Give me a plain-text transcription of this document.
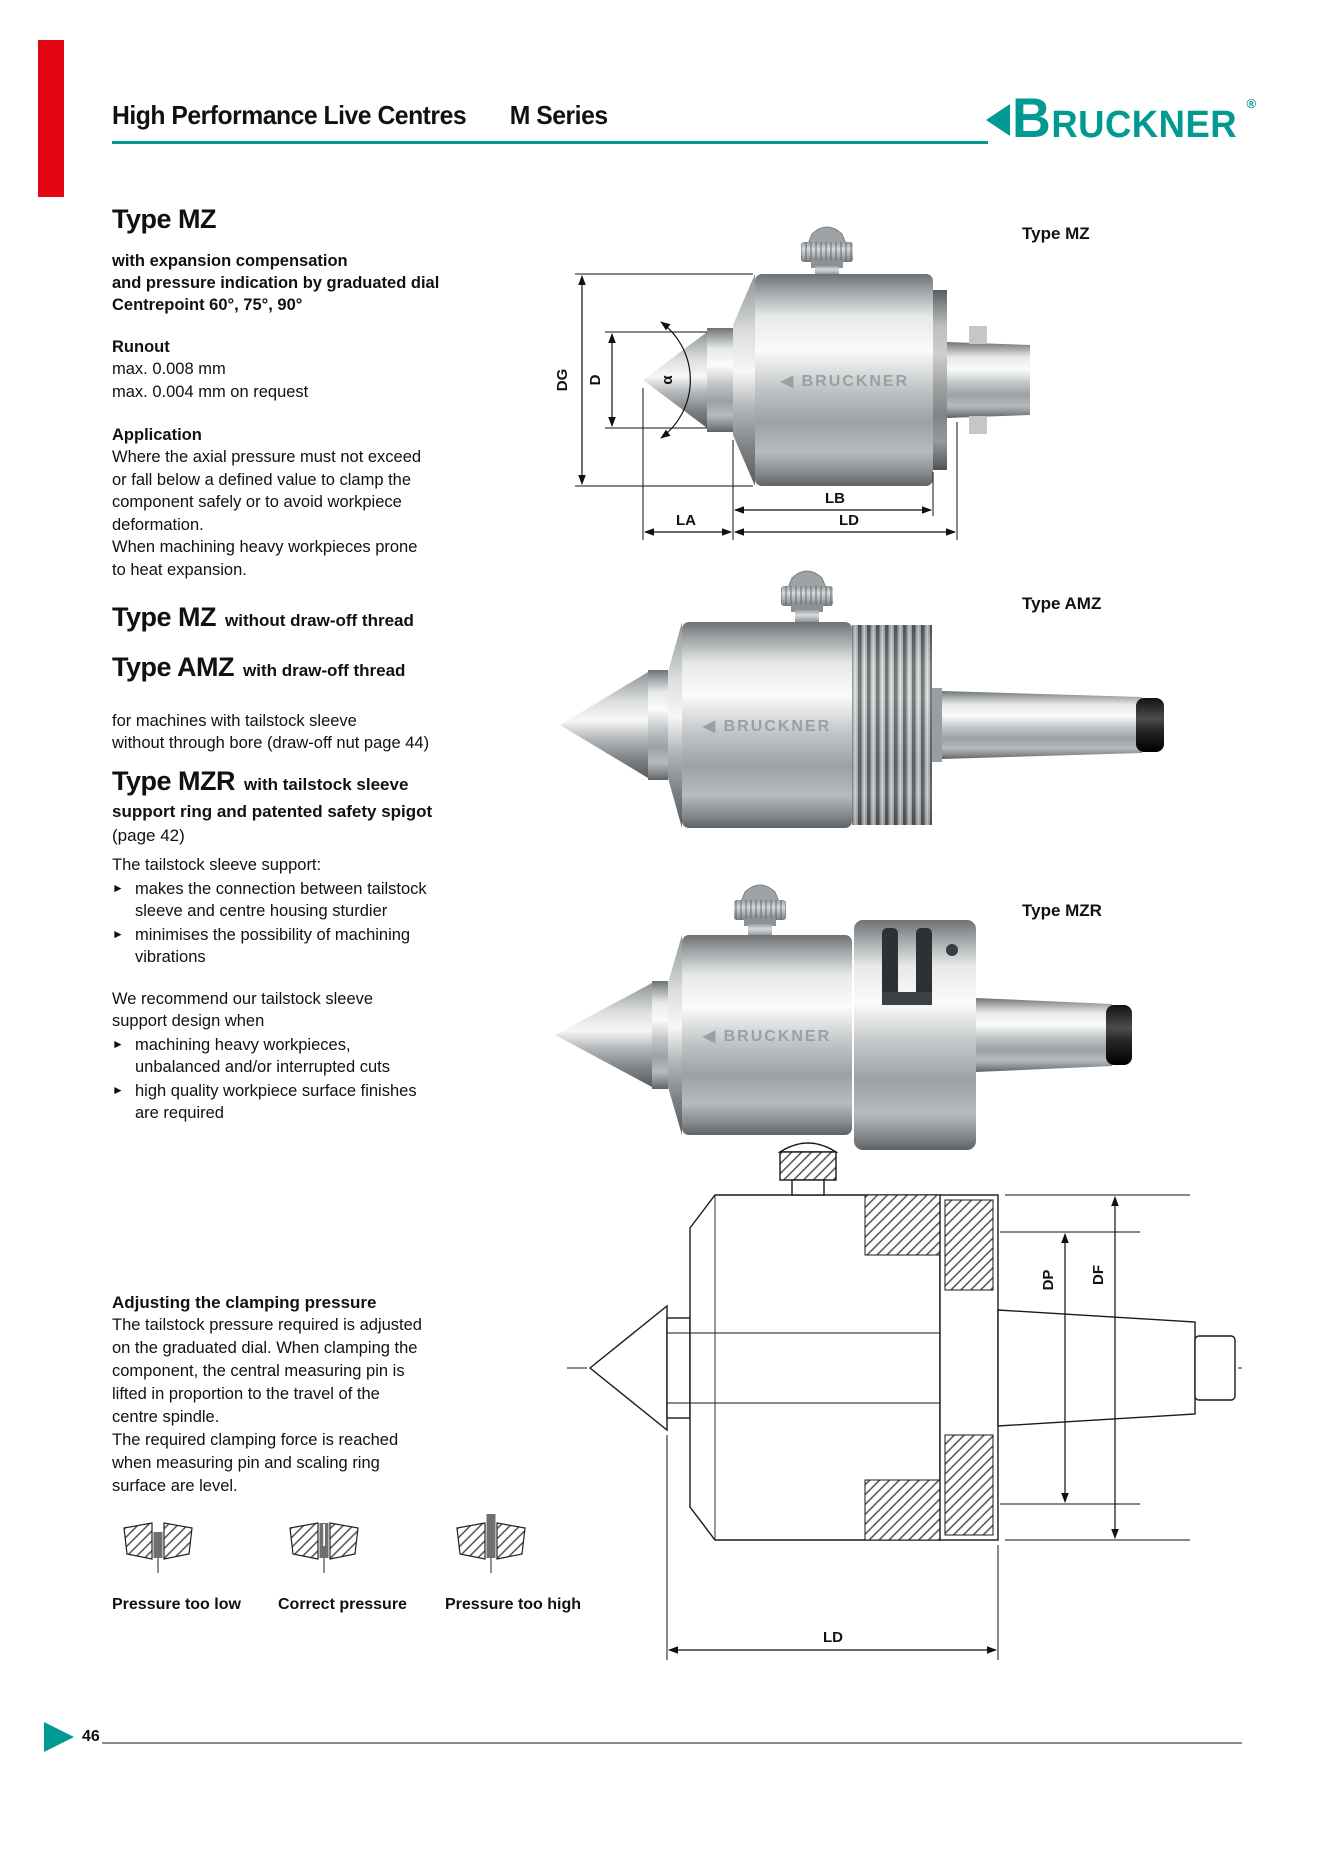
High Performance Live Centres M Series	BRUCKNER
®
Type MZ
with expansion compensation
and pressure indication by graduated dial
Centrepoint 60°, 75°, 90°
Runout
max. 0.008 mm
max. 0.004 mm on request
Application
Where the axial pressure must not exceed
or fall below a defined value to clamp the
component safely or to avoid workpiece
deformation.
When machining heavy workpieces prone
to heat expansion.
Type MZ without draw-off thread
Type AMZ with draw-off thread
for machines with tailstock sleeve
without through bore (draw-off nut page 44)
Type MZR with tailstock sleeve
support ring and patented safety spigot
(page 42)
The tailstock sleeve support:
► makes the connection between tailstock
sleeve and centre housing sturdier
► minimises the possibility of machining
vibrations
We recommend our tailstock sleeve
support design when
► machining heavy workpieces,
unbalanced and/or interrupted cuts
► high quality workpiece surface finishes
are required
Adjusting the clamping pressure
The tailstock pressure required is adjusted
on the graduated dial. When clamping the
component, the central measuring pin is
lifted in proportion to the travel of the
centre spindle.
The required clamping force is reached
when measuring pin and scaling ring
surface are level.
Pressure too low	Correct pressure	Pressure too high
Type MZ
Type AMZ
Type MZR
◀ BRUCKNER
DG D	α
LB
LA	LD
◀ BRUCKNER
◀ BRUCKNER
DP DF
LD
46
